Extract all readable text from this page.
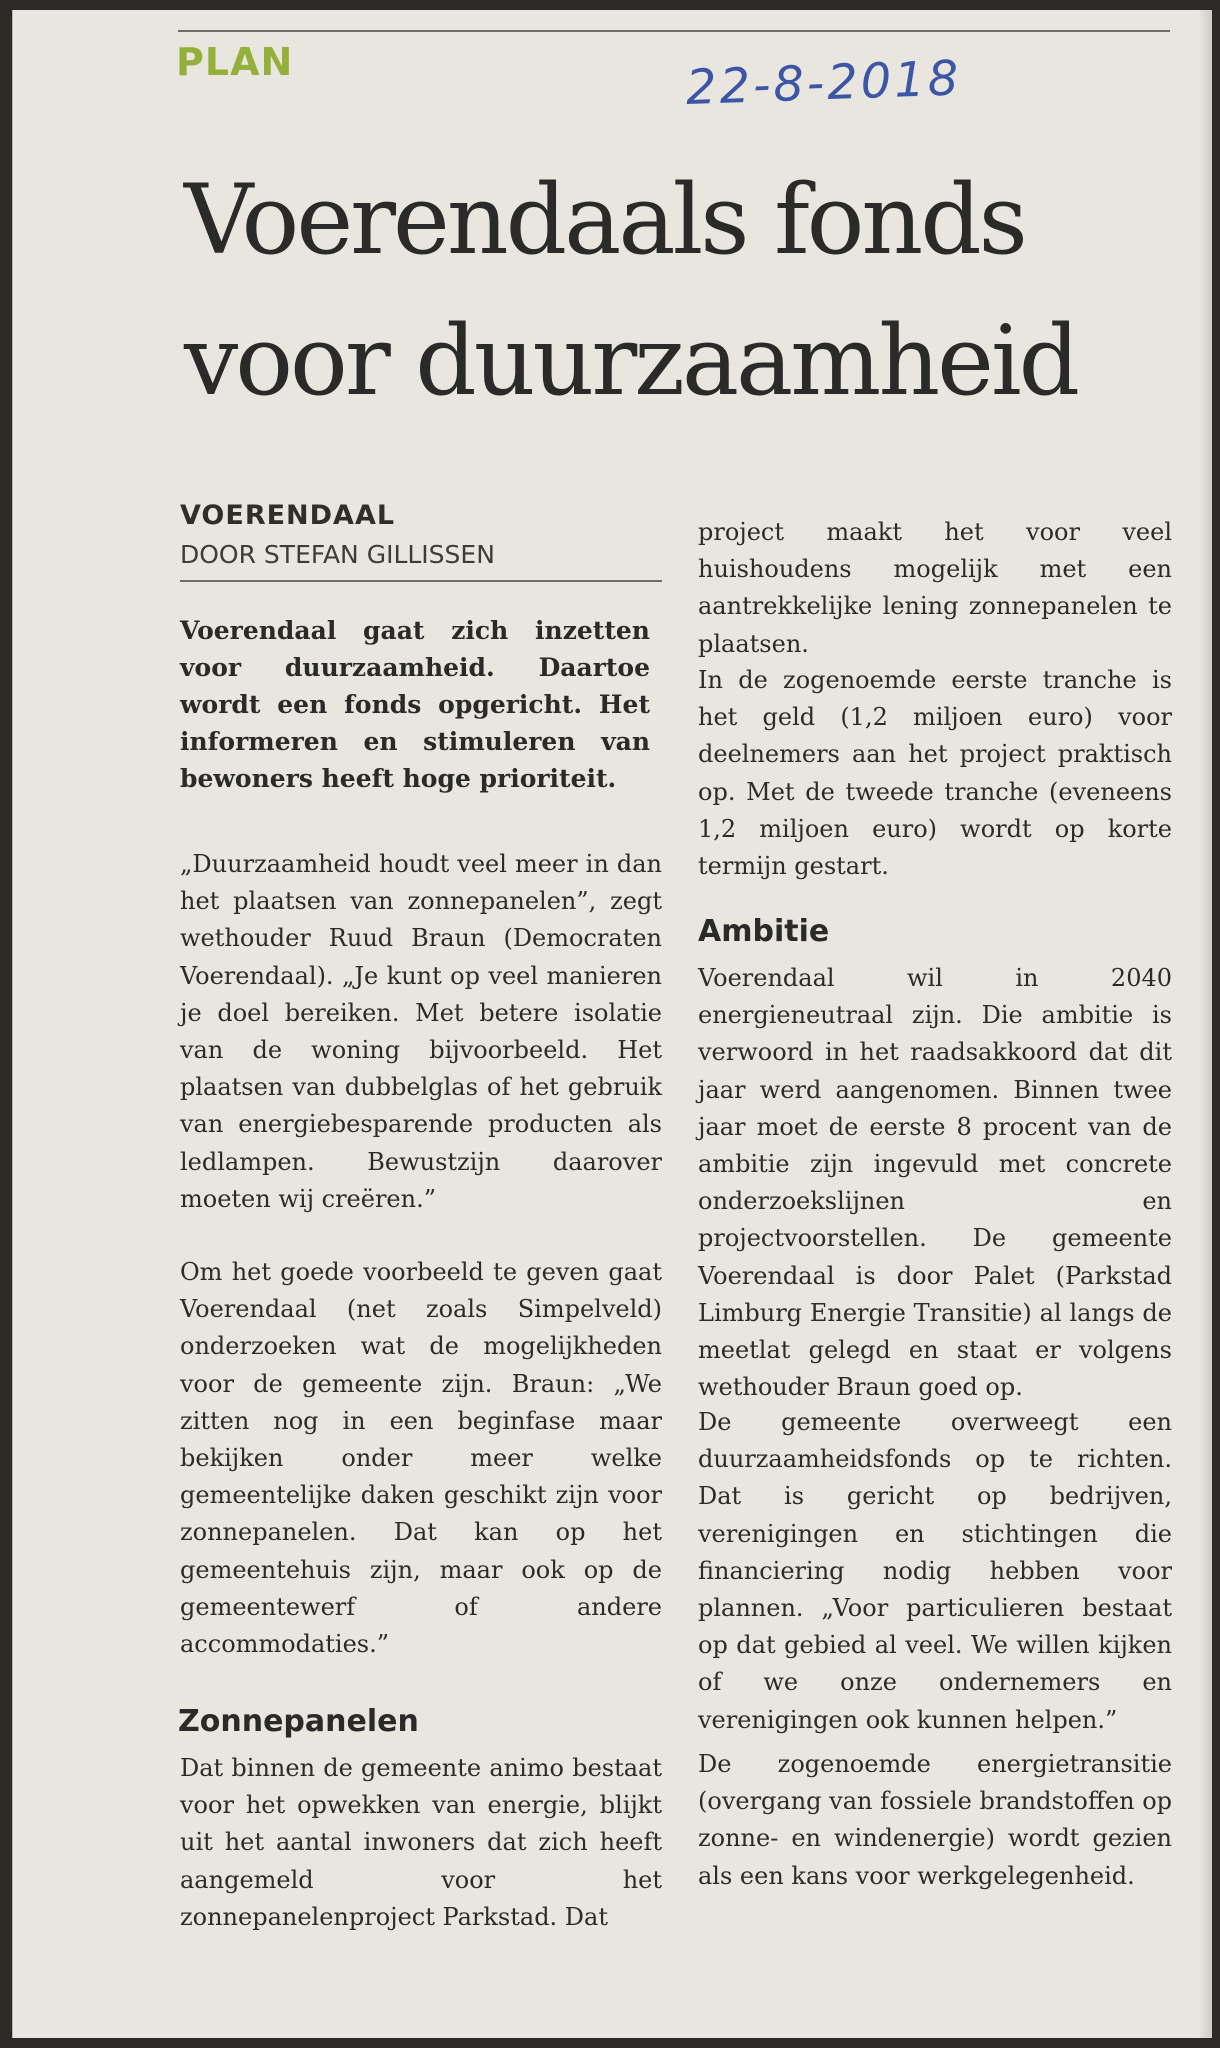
PLAN	22-8-2018

Voerendaals fonds voor duurzaamheid

VOERENDAAL

DOOR STEFAN GILLISSEN

Voerendaal gaat zich inzetten voor duurzaamheid. Daartoe wordt een fonds opgericht. Het informeren en stimuleren van bewoners heeft hoge prioriteit.

„Duurzaamheid houdt veel meer in dan het plaatsen van zonnepanelen”, zegt wethouder Ruud Braun (Democraten Voerendaal). „Je kunt op veel manieren je doel bereiken. Met betere isolatie van de woning bijvoorbeeld. Het plaatsen van dubbelglas of het gebruik van energiebesparende producten als ledlampen. Bewustzijn daarover moeten wij creëren.”

Om het goede voorbeeld te geven gaat Voerendaal (net zoals Simpelveld) onderzoeken wat de mogelijkheden voor de gemeente zijn. Braun: „We zitten nog in een beginfase maar bekijken onder meer welke gemeentelijke daken geschikt zijn voor zonnepanelen. Dat kan op het gemeentehuis zijn, maar ook op de gemeentewerf of andere accommodaties.”

Zonnepanelen

Dat binnen de gemeente animo bestaat voor het opwekken van energie, blijkt uit het aantal inwoners dat zich heeft aangemeld voor het zonnepanelenproject Parkstad. Dat

project maakt het voor veel huishoudens mogelijk met een aantrekkelijke lening zonnepanelen te plaatsen.

In de zogenoemde eerste tranche is het geld (1,2 miljoen euro) voor deelnemers aan het project praktisch op. Met de tweede tranche (eveneens 1,2 miljoen euro) wordt op korte termijn gestart.

Ambitie

Voerendaal wil in 2040 energieneutraal zijn. Die ambitie is verwoord in het raadsakkoord dat dit jaar werd aangenomen. Binnen twee jaar moet de eerste 8 procent van de ambitie zijn ingevuld met concrete onderzoekslijnen en projectvoorstellen. De gemeente Voerendaal is door Palet (Parkstad Limburg Energie Transitie) al langs de meetlat gelegd en staat er volgens wethouder Braun goed op.

De gemeente overweegt een duurzaamheidsfonds op te richten. Dat is gericht op bedrijven, verenigingen en stichtingen die financiering nodig hebben voor plannen. „Voor particulieren bestaat op dat gebied al veel. We willen kijken of we onze ondernemers en verenigingen ook kunnen helpen.”

De zogenoemde energietransitie (overgang van fossiele brandstoffen op zonne- en windenergie) wordt gezien als een kans voor werkgelegenheid.
